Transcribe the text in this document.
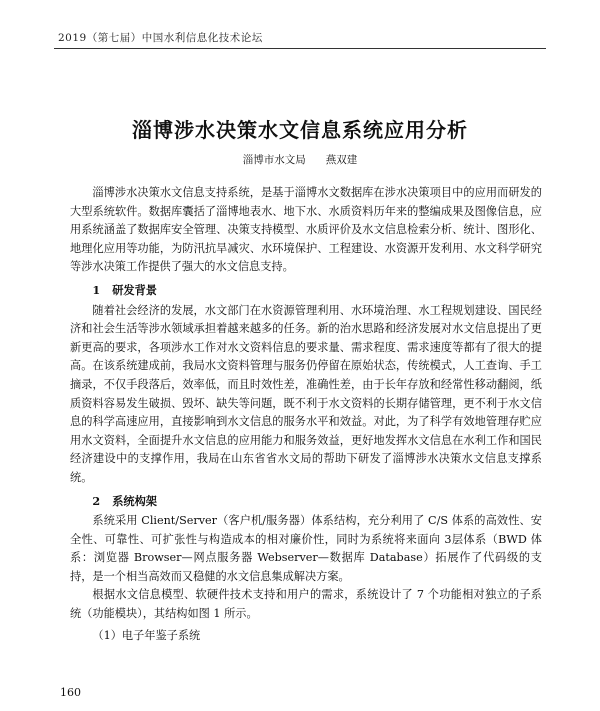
2019（第七届）中国水利信息化技术论坛
淄博涉水决策水文信息系统应用分析
淄博市水文局 燕双建

淄博涉水决策水文信息支持系统，是基于淄博水文数据库在涉水决策项目中的应用而研发的大型系统软件。数据库囊括了淄博地表水、地下水、水质资料历年来的整编成果及图像信息，应用系统涵盖了数据库安全管理、决策支持模型、水质评价及水文信息检索分析、统计、图形化、地理化应用等功能，为防汛抗旱减灾、水环境保护、工程建设、水资源开发利用、水文科学研究等涉水决策工作提供了强大的水文信息支持。

1 研发背景

随着社会经济的发展，水文部门在水资源管理利用、水环境治理、水工程规划建设、国民经济和社会生活等涉水领域承担着越来越多的任务。新的治水思路和经济发展对水文信息提出了更新更高的要求，各项涉水工作对水文资料信息的要求量、需求程度、需求速度等都有了很大的提高。在该系统建成前，我局水文资料管理与服务仍停留在原始状态，传统模式，人工查询、手工摘录，不仅手段落后，效率低，而且时效性差，准确性差，由于长年存放和经常性移动翻阅，纸质资料容易发生破损、毁坏、缺失等问题，既不利于水文资料的长期存储管理，更不利于水文信息的科学高速应用，直接影响到水文信息的服务水平和效益。对此，为了科学有效地管理存贮应用水文资料，全面提升水文信息的应用能力和服务效益，更好地发挥水文信息在水利工作和国民经济建设中的支撑作用，我局在山东省省水文局的帮助下研发了淄博涉水决策水文信息支撑系统。

2 系统构架

系统采用 Client/Server（客户机/服务器）体系结构，充分利用了 C/S 体系的高效性、安全性、可靠性、可扩张性与构造成本的相对廉价性，同时为系统将来面向 3层体系（BWD 体系：浏览器 Browser—网点服务器 Webserver—数据库 Database）拓展作了代码级的支持，是一个相当高效而又稳健的水文信息集成解决方案。

根据水文信息模型、软硬件技术支持和用户的需求，系统设计了 7 个功能相对独立的子系统（功能模块），其结构如图 1 所示。

（1）电子年鉴子系统

160
